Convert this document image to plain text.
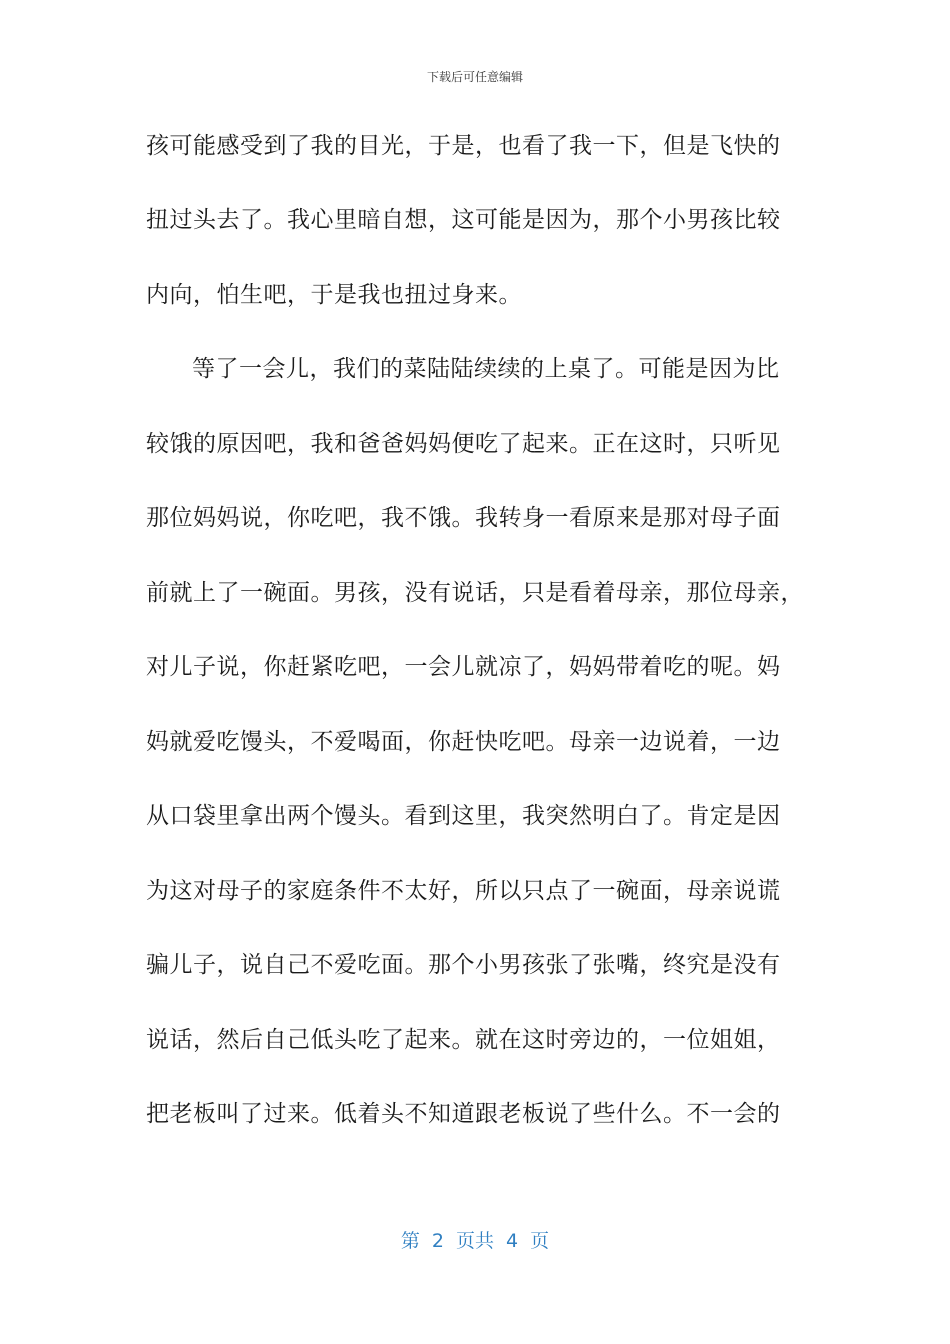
下载后可任意编辑
孩可能感受到了我的目光，于是，也看了我一下，但是飞快的
扭过头去了。我心里暗自想，这可能是因为，那个小男孩比较
内向，怕生吧，于是我也扭过身来。
等了一会儿，我们的菜陆陆续续的上桌了。可能是因为比
较饿的原因吧，我和爸爸妈妈便吃了起来。正在这时，只听见
那位妈妈说，你吃吧，我不饿。我转身一看原来是那对母子面
前就上了一碗面。男孩，没有说话，只是看着母亲，那位母亲，
对儿子说，你赶紧吃吧，一会儿就凉了，妈妈带着吃的呢。妈
妈就爱吃馒头，不爱喝面，你赶快吃吧。母亲一边说着，一边
从口袋里拿出两个馒头。看到这里，我突然明白了。肯定是因
为这对母子的家庭条件不太好，所以只点了一碗面，母亲说谎
骗儿子，说自己不爱吃面。那个小男孩张了张嘴，终究是没有
说话，然后自己低头吃了起来。就在这时旁边的，一位姐姐，
把老板叫了过来。低着头不知道跟老板说了些什么。不一会的
第 2 页共 4 页
